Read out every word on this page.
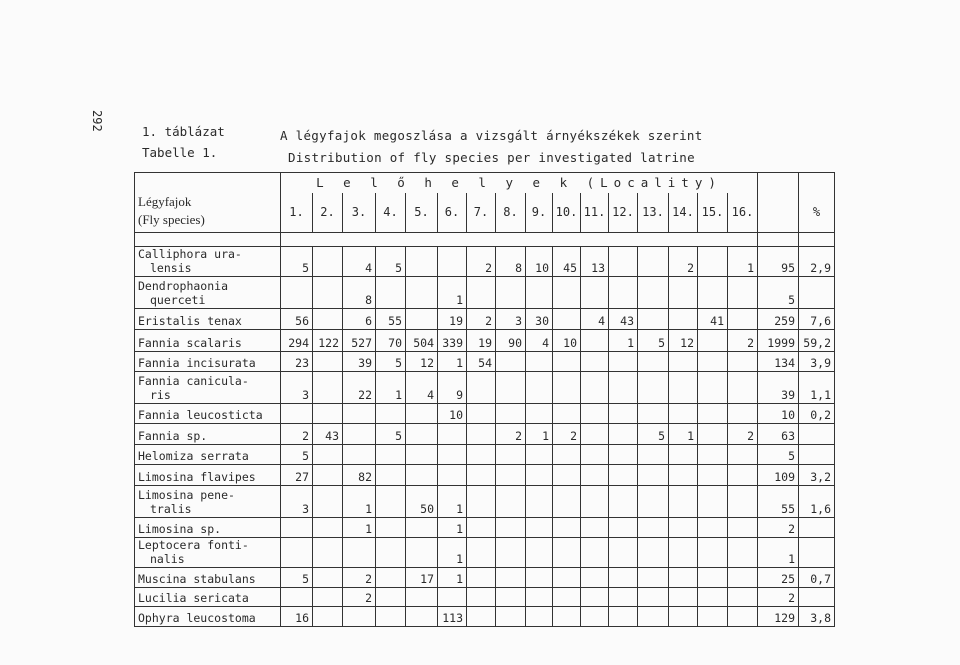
292	1. táblázat
Tabelle 1.
A légyfajok megoszlása a vizsgált árnyékszékek szerint
Distribution of fly species per investigated latrine
Légyfajok
(Fly species)	L e l ő h e l y e k (Locality)																	
	1.	2.	3.	4.	5.	6.	7.	8.	9.	10.	11.	12.	13.	14.	15.	16.		%

Calliphora ura-
lensis	5		4	5			2	8	10	45	13			2		1	95	2,9

Dendrophaonia
querceti			8			1											5	

Eristalis tenax	56		6	55		19	2	3	30		4	43			41		259	7,6

Fannia scalaris	294	122	527	70	504	339	19	90	4	10		1	5	12		2	1999	59,2

Fannia incisurata	23		39	5	12	1	54										134	3,9

Fannia canicula-
ris	3		22	1	4	9											39	1,1

Fannia leucosticta						10											10	0,2

Fannia sp.	2	43		5				2	1	2			5	1		2	63	

Helomiza serrata	5																5	

Limosina flavipes	27		82														109	3,2

Limosina pene-
tralis	3		1		50	1											55	1,6

Limosina sp.			1			1											2	

Leptocera fonti-
nalis						1											1	

Muscina stabulans	5		2		17	1											25	0,7

Lucilia sericata			2														2	

Ophyra leucostoma	16					113											129	3,8
